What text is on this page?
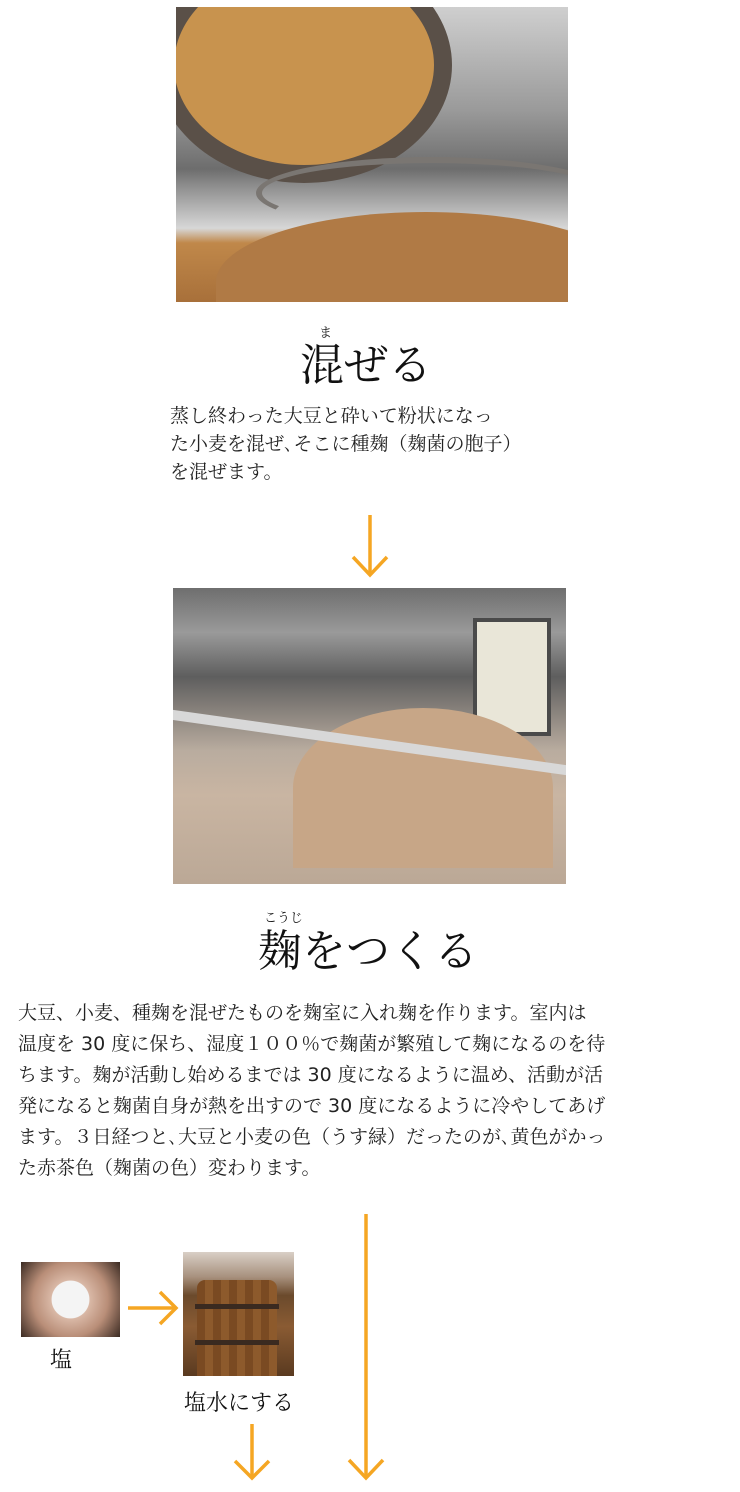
ま
混ぜる
蒸し終わった大豆と砕いて粉状になっ
た小麦を混ぜ､そこに種麹（麹菌の胞子）
を混ぜます。
こうじ
麹をつくる
大豆、小麦、種麹を混ぜたものを麹室に入れ麹を作ります。室内は
温度を 30 度に保ち、湿度１００％で麹菌が繁殖して麹になるのを待
ちます。麹が活動し始めるまでは 30 度になるように温め、活動が活
発になると麹菌自身が熱を出すので 30 度になるように冷やしてあげ
ます。３日経つと､大豆と小麦の色（うす緑）だったのが､黄色がかっ
た赤茶色（麹菌の色）変わります。
塩
塩水にする
